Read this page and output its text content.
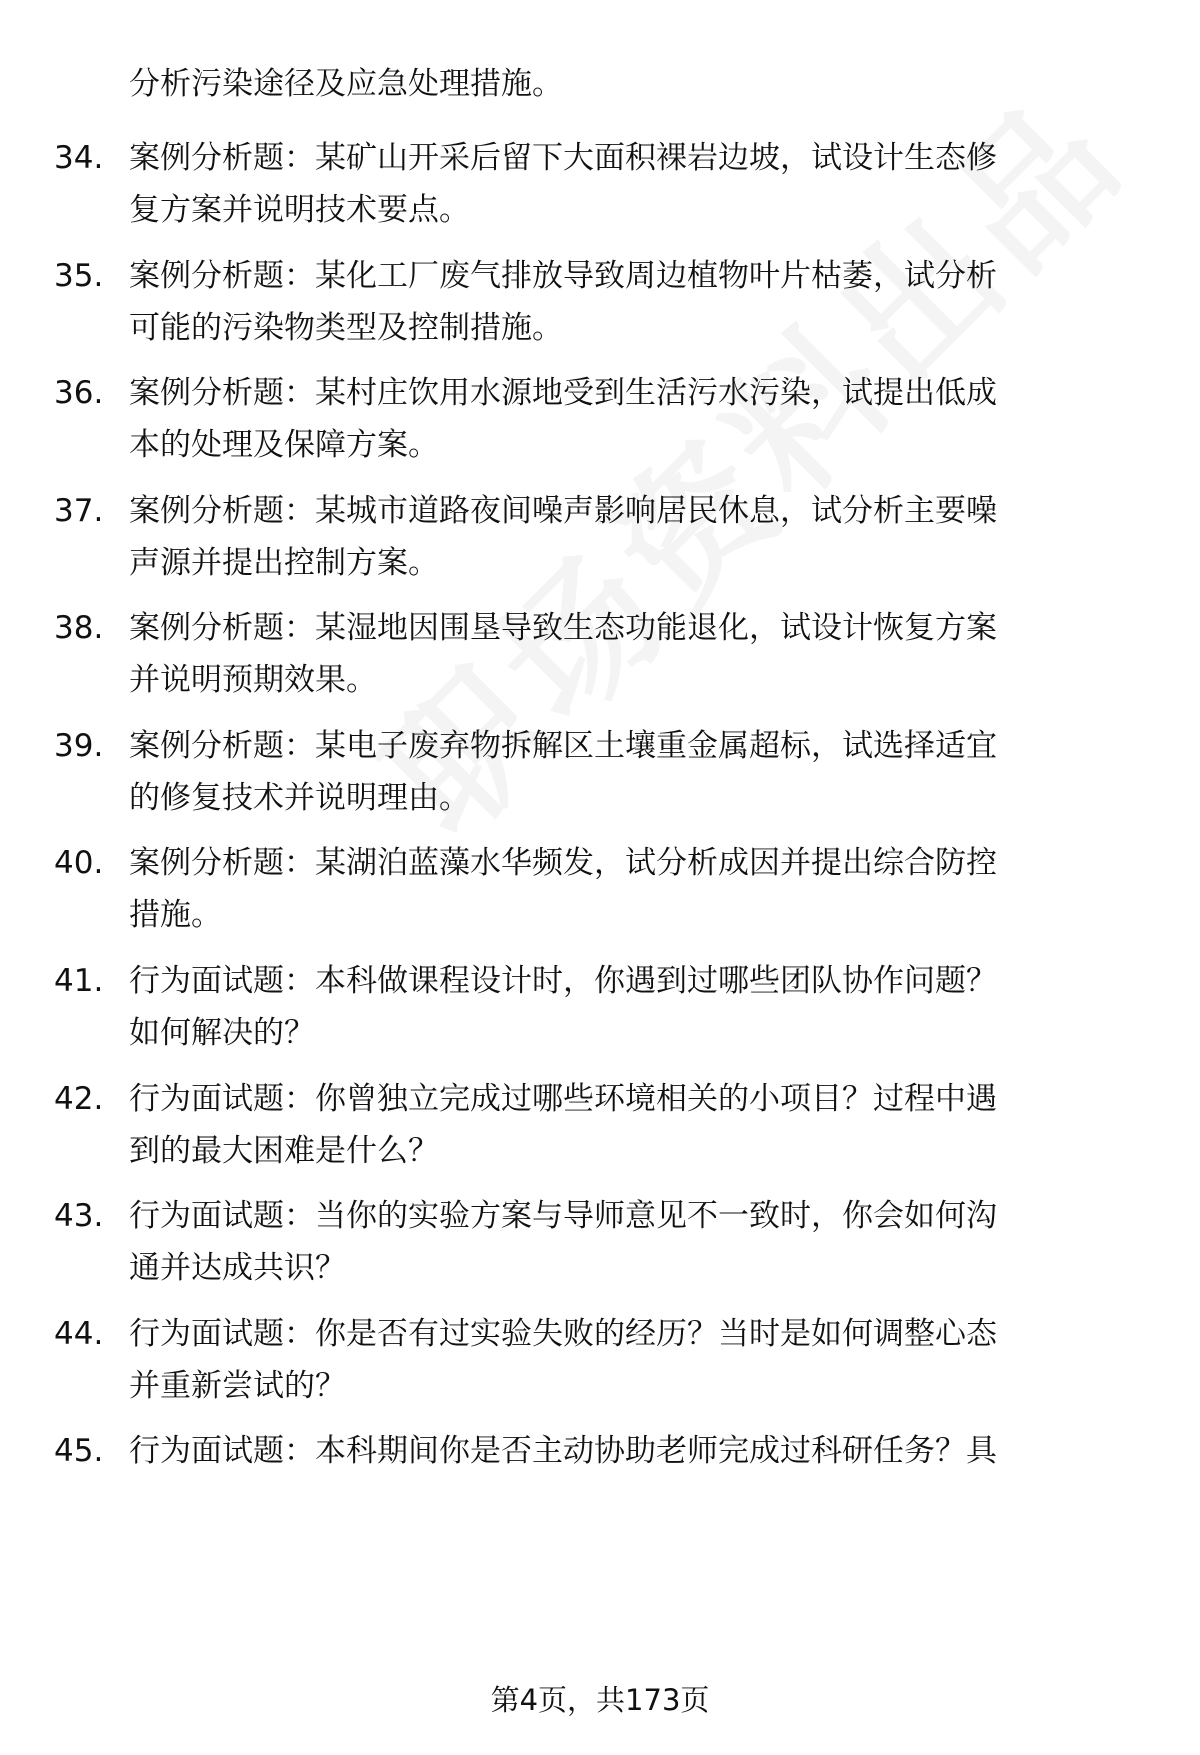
分析污染途径及应急处理措施。
34. 案例分析题：某矿山开采后留下大面积裸岩边坡，试设计生态修
复方案并说明技术要点。
35. 案例分析题：某化工厂废气排放导致周边植物叶片枯萎，试分析
可能的污染物类型及控制措施。
36. 案例分析题：某村庄饮用水源地受到生活污水污染，试提出低成
本的处理及保障方案。
37. 案例分析题：某城市道路夜间噪声影响居民休息，试分析主要噪
声源并提出控制方案。
38. 案例分析题：某湿地因围垦导致生态功能退化，试设计恢复方案
并说明预期效果。
39. 案例分析题：某电子废弃物拆解区土壤重金属超标，试选择适宜
的修复技术并说明理由。
40. 案例分析题：某湖泊蓝藻水华频发，试分析成因并提出综合防控
措施。
41. 行为面试题：本科做课程设计时，你遇到过哪些团队协作问题？
如何解决的？
42. 行为面试题：你曾独立完成过哪些环境相关的小项目？过程中遇
到的最大困难是什么？
43. 行为面试题：当你的实验方案与导师意见不一致时，你会如何沟
通并达成共识？
44. 行为面试题：你是否有过实验失败的经历？当时是如何调整心态
并重新尝试的？
45. 行为面试题：本科期间你是否主动协助老师完成过科研任务？具
第4页，共173页
